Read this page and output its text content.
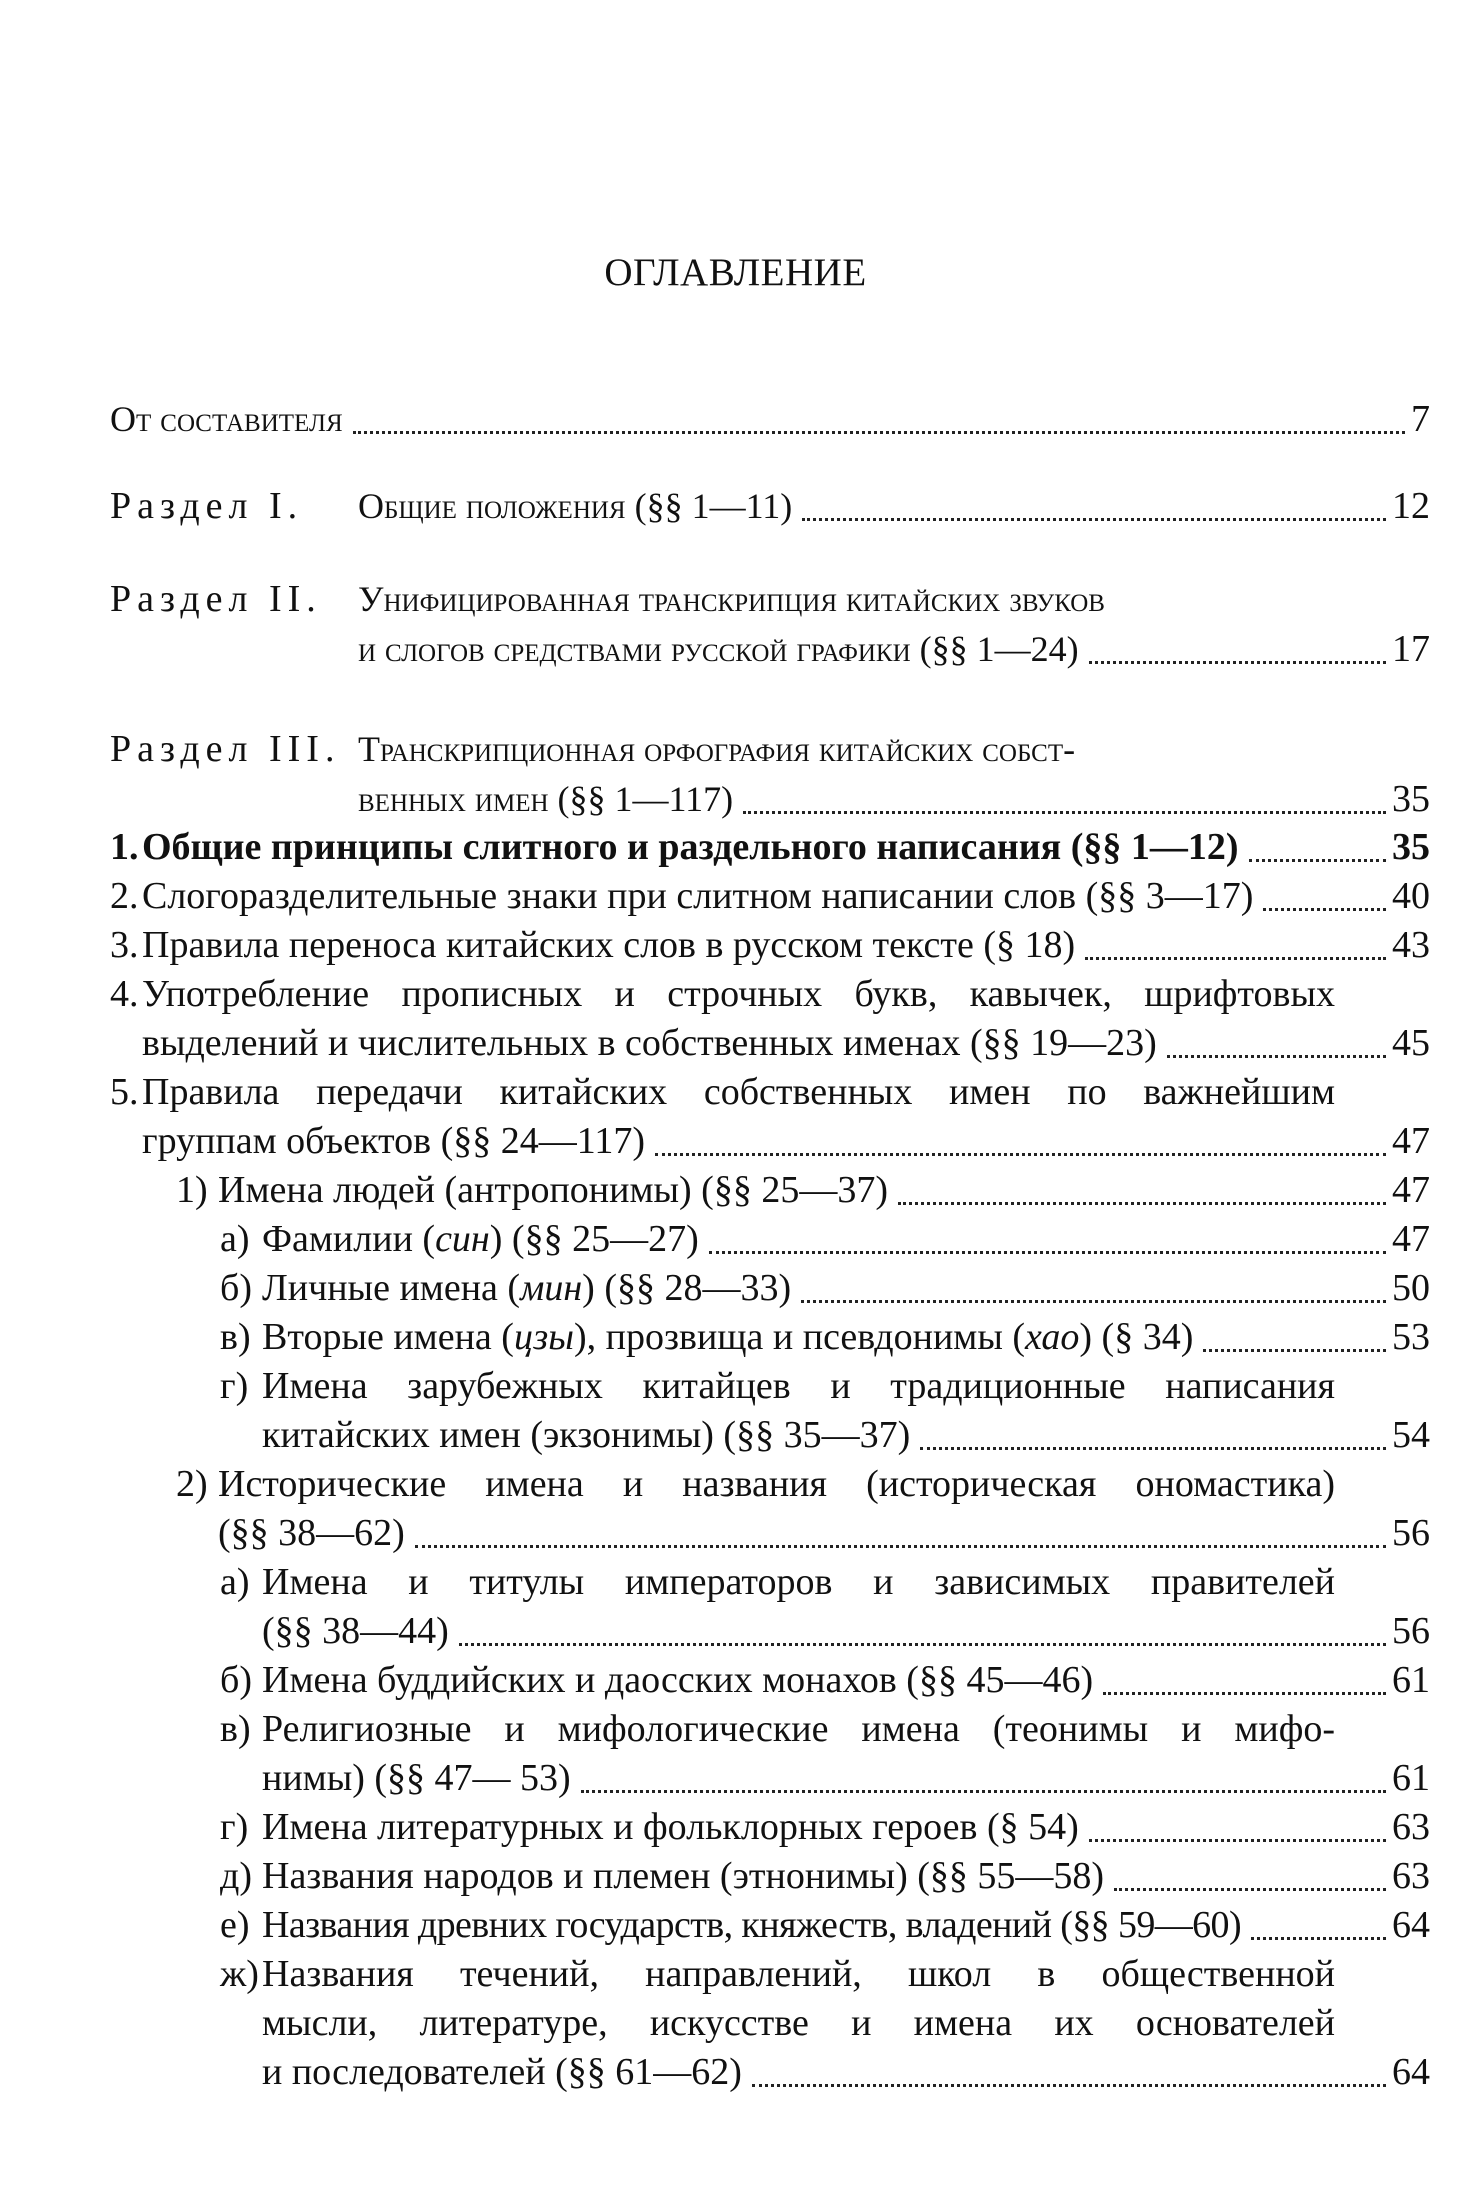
ОГЛАВЛЕНИЕ
От составителя	7
Раздел I.	Общие положения (§§ 1—11)	12
Раздел II.	Унифицированная транскрипция китайских звуков
и слогов средствами русской графики (§§ 1—24)	17
Раздел III. Транскрипционная орфография китайских собст-
венных имен (§§ 1—117)	35
1. Общие принципы слитного и раздельного написания (§§ 1—12)	35
2. Слогоразделительные знаки при слитном написании слов (§§ 3—17)	40
3. Правила переноса китайских слов в русском тексте (§ 18)	43
4. Употребление прописных и строчных букв, кавычек, шрифтовых
выделений и числительных в собственных именах (§§ 19—23)	45
5. Правила передачи китайских собственных имен по важнейшим
группам объектов (§§ 24—117)	47
1) Имена людей (антропонимы) (§§ 25—37)	47
а) Фамилии (син) (§§ 25—27)	47
б) Личные имена (мин) (§§ 28—33)	50
в) Вторые имена (цзы), прозвища и псевдонимы (хао) (§ 34)	53
г) Имена зарубежных китайцев и традиционные написания
китайских имен (экзонимы) (§§ 35—37)	54
2) Исторические имена и названия (историческая ономастика)
(§§ 38—62)	56
а) Имена и титулы императоров и зависимых правителей
(§§ 38—44)	56
б) Имена буддийских и даосских монахов (§§ 45—46)	61
в) Религиозные и мифологические имена (теонимы и мифо-
нимы) (§§ 47— 53)	61
г) Имена литературных и фольклорных героев (§ 54)	63
д) Названия народов и племен (этнонимы) (§§ 55—58)	63
е) Названия древних государств, княжеств, владений (§§ 59—60)	64
ж) Названия течений, направлений, школ в общественной
мысли, литературе, искусстве и имена их основателей
и последователей (§§ 61—62)	64
